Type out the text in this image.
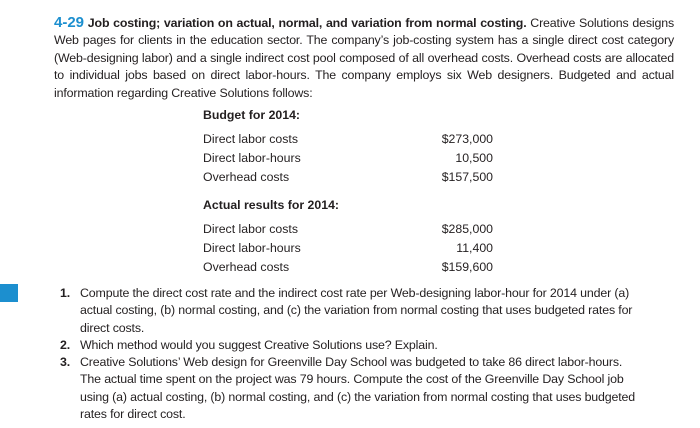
4-29 Job costing; variation on actual, normal, and variation from normal costing. Creative Solutions designs Web pages for clients in the education sector. The company’s job-costing system has a single direct cost category (Web-designing labor) and a single indirect cost pool composed of all overhead costs. Overhead costs are allocated to individual jobs based on direct labor-hours. The company employs six Web designers. Budgeted and actual information regarding Creative Solutions follows:

Budget for 2014:
Direct labor costs	$273,000
Direct labor-hours	10,500
Overhead costs	$157,500
Actual results for 2014:
Direct labor costs	$285,000
Direct labor-hours	11,400
Overhead costs	$159,600
1. Compute the direct cost rate and the indirect cost rate per Web-designing labor-hour for 2014 under (a) actual costing, (b) normal costing, and (c) the variation from normal costing that uses budgeted rates for direct costs.
2. Which method would you suggest Creative Solutions use? Explain.
3. Creative Solutions’ Web design for Greenville Day School was budgeted to take 86 direct labor-hours. The actual time spent on the project was 79 hours. Compute the cost of the Greenville Day School job using (a) actual costing, (b) normal costing, and (c) the variation from normal costing that uses budgeted rates for direct cost.
